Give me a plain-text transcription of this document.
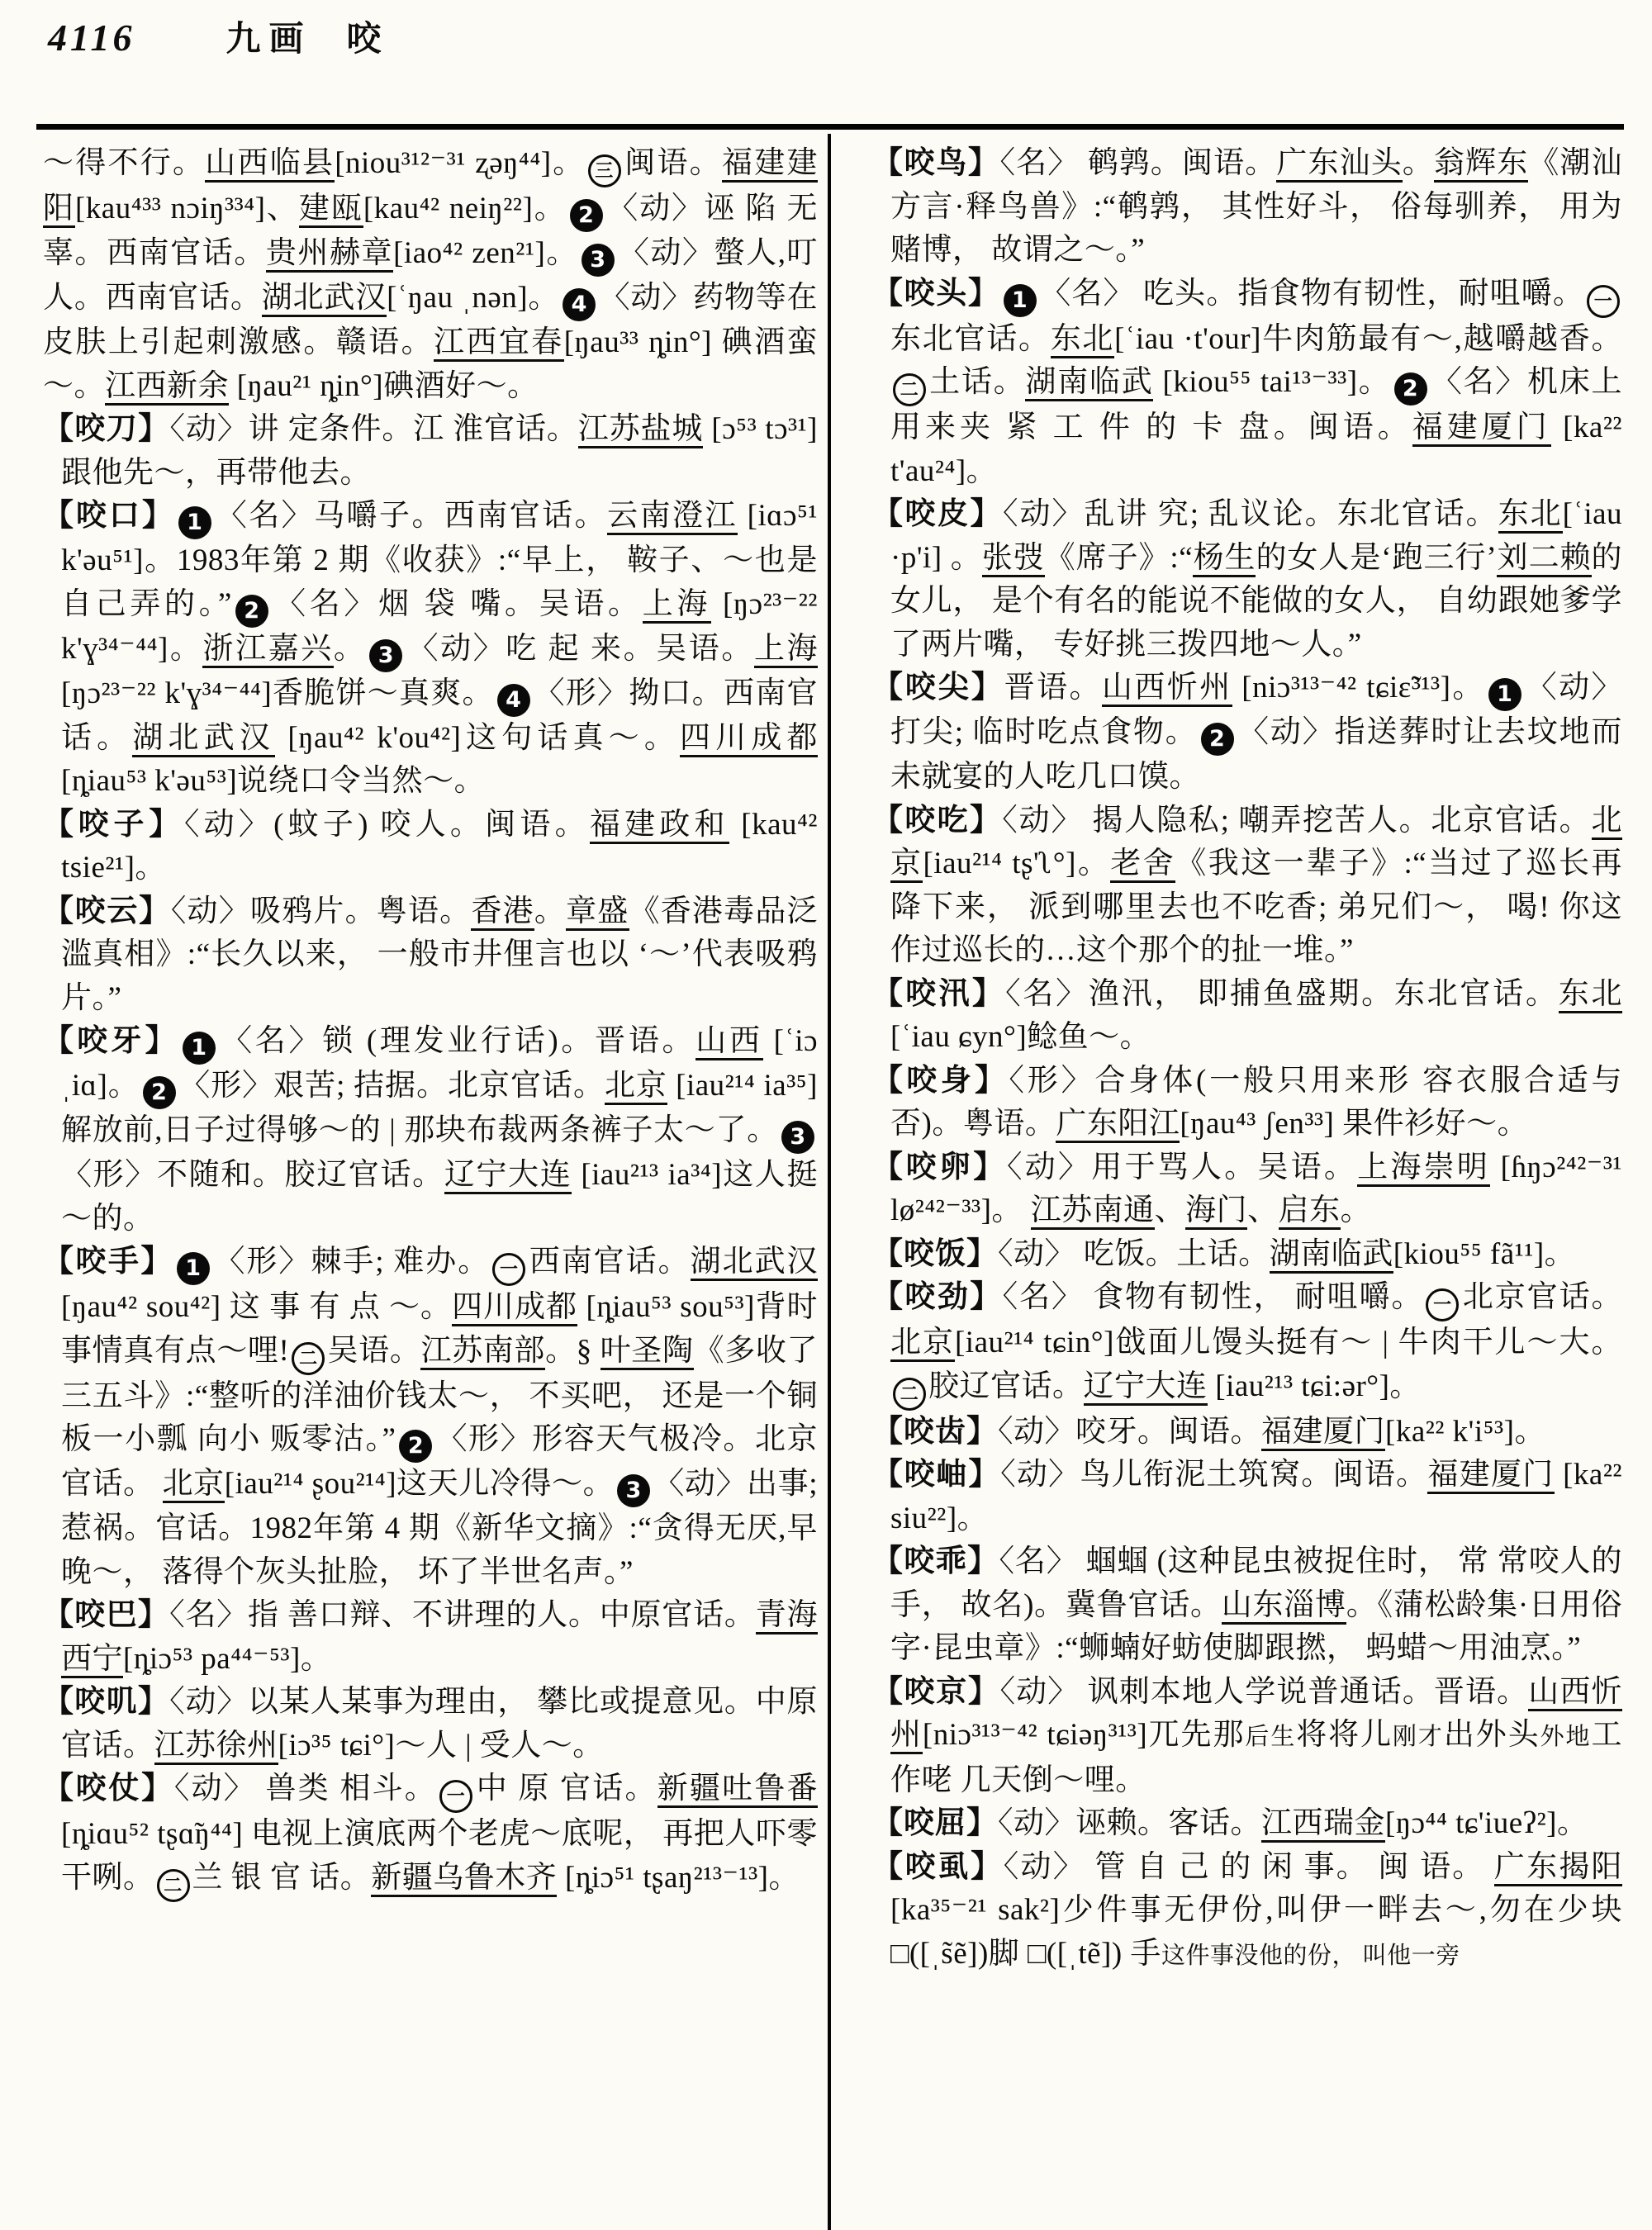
4116	九画 咬

～得不行。山西临县[niou³¹²⁻³¹ ʐəŋ⁴⁴]。 三 闽语。福建建阳[kau⁴³³ nɔiŋ³³⁴]、建瓯[kau⁴² neiŋ²²]。 2 〈动〉诬 陷 无 辜。西南官话。贵州赫章[iao⁴² zen²¹]。 3 〈动〉螫人,叮人。西南官话。湖北武汉[ʿŋau ˌnən]。 4 〈动〉药物等在皮肤上引起刺激感。赣语。江西宜春[ŋau³³ ȵin°] 碘酒蛮～。江西新余 [ŋau²¹ ȵin°]碘酒好～。

【咬刀】〈动〉讲 定条件。江 淮官话。江苏盐城 [ɔ⁵³ tɔ³¹]跟他先～，再带他去。

【咬口】 1 〈名〉马嚼子。西南官话。云南澄江 [iɑɔ⁵¹ k'əu⁵¹]。1983年第 2 期《收获》:“早上， 鞍子、～也是自己弄的。” 2 〈名〉烟 袋 嘴。吴语。上海 [ŋɔ²³⁻²² k'ɣ³⁴⁻⁴⁴]。浙江嘉兴。 3 〈动〉吃 起 来。吴语。上海 [ŋɔ²³⁻²² k'ɣ³⁴⁻⁴⁴]香脆饼～真爽。 4 〈形〉拗口。西南官话。湖北武汉 [ŋau⁴² k'ou⁴²]这句话真～。四川成都[ȵiau⁵³ k'əu⁵³]说绕口令当然～。

【咬子】〈动〉(蚊子) 咬人。闽语。福建政和 [kau⁴² tsie²¹]。

【咬云】〈动〉吸鸦片。粤语。香港。章盛《香港毒品泛滥真相》:“长久以来， 一般市井俚言也以 ‘～’代表吸鸦片。”

【咬牙】 1 〈名〉锁 (理发业行话)。晋语。山西 [ʿiɔ ˌiɑ]。 2 〈形〉艰苦; 拮据。北京官话。北京 [iau²¹⁴ ia³⁵]解放前,日子过得够～的 | 那块布裁两条裤子太～了。 3〈形〉不随和。胶辽官话。辽宁大连 [iau²¹³ ia³⁴]这人挺～的。

【咬手】 1 〈形〉棘手; 难办。 一 西南官话。湖北武汉 [ŋau⁴² sou⁴²] 这 事 有 点 ～。四川成都 [ȵiau⁵³ sou⁵³]背时事情真有点～哩! 二 吴语。江苏南部。§ 叶圣陶《多收了三五斗》:“整听的洋油价钱太～， 不买吧， 还是一个铜板一小瓢 向小 贩零沽。” 2 〈形〉形容天气极冷。北京官话。 北京[iau²¹⁴ ʂou²¹⁴]这天儿冷得～。 3 〈动〉出事; 惹祸。官话。1982年第 4 期《新华文摘》:“贪得无厌,早晚～， 落得个灰头扯脸， 坏了半世名声。”

【咬巴】〈名〉指 善口辩、不讲理的人。中原官话。青海西宁[ȵiɔ⁵³ pa⁴⁴⁻⁵³]。

【咬叽】〈动〉以某人某事为理由， 攀比或提意见。中原官话。江苏徐州[iɔ³⁵ tɕi°]～人 | 受人～。

【咬仗】〈动〉 兽类 相斗。 一 中 原 官话。新疆吐鲁番 [ȵiɑu⁵² tʂɑ̃ŋ⁴⁴] 电视上演底两个老虎～底呢， 再把人吓零干咧。 二 兰 银 官 话。新疆乌鲁木齐 [ȵiɔ⁵¹ tʂaŋ²¹³⁻¹³]。

【咬鸟】〈名〉 鹌鹑。闽语。广东汕头。翁辉东《潮汕方言·释鸟兽》:“鹌鹑， 其性好斗， 俗每驯养， 用为赌博， 故谓之～。”

【咬头】 1 〈名〉 吃头。指食物有韧性，耐咀嚼。 一东北官话。东北[ʿiau ·t'our]牛肉筋最有～,越嚼越香。二 土话。湖南临武 [kiou⁵⁵ tai¹³⁻³³]。 2 〈名〉机床上用来夹 紧 工 件 的 卡 盘。闽语。福建厦门 [ka²² t'au²⁴]。

【咬皮】〈动〉乱讲 究; 乱议论。东北官话。东北[ʿiau ·p'i] 。张弢《席子》:“杨生的女人是‘跑三行’刘二赖的女儿， 是个有名的能说不能做的女人， 自幼跟她爹学了两片嘴， 专好挑三拨四地～人。”

【咬尖】晋语。山西忻州 [niɔ³¹³⁻⁴² tɕiɛ̃³¹³]。 1 〈动〉打尖; 临时吃点食物。 2 〈动〉指送葬时让去坟地而未就宴的人吃几口馍。

【咬吃】〈动〉 揭人隐私; 嘲弄挖苦人。北京官话。北京[iau²¹⁴ tʂ'ʅ°]。老舍《我这一辈子》:“当过了巡长再降下来， 派到哪里去也不吃香; 弟兄们～， 喝! 你这作过巡长的…这个那个的扯一堆。”

【咬汛】〈名〉渔汛， 即捕鱼盛期。东北官话。东北[ʿiau ɕyn°]鲶鱼～。

【咬身】〈形〉合身体(一般只用来形 容衣服合适与否)。粤语。广东阳江[ŋau⁴³ ʃen³³] 果件衫好～。

【咬卵】〈动〉用于骂人。吴语。上海崇明 [ɦŋɔ²⁴²⁻³¹ lø²⁴²⁻³³]。 江苏南通、海门、启东。

【咬饭】〈动〉 吃饭。土话。湖南临武[kiou⁵⁵ fã¹¹]。

【咬劲】〈名〉 食物有韧性， 耐咀嚼。 一 北京官话。北京[iau²¹⁴ tɕin°]戗面儿馒头挺有～ | 牛肉干儿～大。二 胶辽官话。辽宁大连 [iau²¹³ tɕi:ər°]。

【咬齿】〈动〉咬牙。闽语。福建厦门[ka²² k'i⁵³]。

【咬岫】〈动〉鸟儿衔泥土筑窝。闽语。福建厦门 [ka²² siu²²]。

【咬乖】〈名〉 蝈蝈 (这种昆虫被捉住时， 常 常咬人的手， 故名)。冀鲁官话。山东淄博。《蒲松龄集·日用俗字·昆虫章》:“蛳蝻好蚄使脚跟撚， 蚂蜡～用油烹。”

【咬京】〈动〉 讽刺本地人学说普通话。晋语。山西忻州[niɔ³¹³⁻⁴² tɕiəŋ³¹³]兀先那后生将将儿刚才出外头外地工作咾 几天倒～哩。

【咬屈】〈动〉诬赖。客话。江西瑞金[ŋɔ⁴⁴ tɕ'iueʔ²]。

【咬虱】〈动〉 管 自 己 的 闲 事。 闽 语。 广东揭阳 [ka³⁵⁻²¹ sak²]少件事无伊份,叫伊一畔去～,勿在少块□([ˌs̃ẽ])脚 □([ˌtẽ]) 手这件事没他的份， 叫他一旁
